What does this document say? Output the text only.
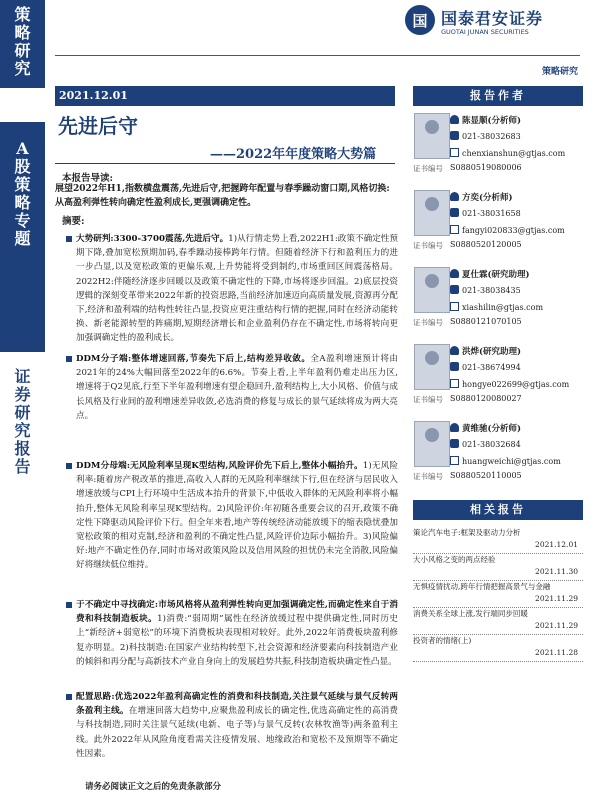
策
略
研
究
A
股
策
略
专
题
证
券
研
究
报
告
国 国泰君安证券
GUOTAI JUNAN SECURITIES
策略研究
2021.12.01
先进后守
——2022年年度策略大势篇
本报告导读:
展望2022年H1,指数横盘震荡,先进后守,把握跨年配置与春季躁动窗口期,风格切换:从高盈利弹性转向确定性盈利成长,更强调确定性。
摘要:
大势研判:3300-3700震荡,先进后守。1)从行情走势上看,2022H1:政策不确定性预期下降,叠加宽松预期加码,春季躁动接棒跨年行情。但随着经济下行和盈利压力的进一步凸显,以及宽松政策的更偏乐观,上升势能将受到制约,市场重回区间震荡格局。2022H2:伴随经济逐步回暖以及政策不确定性的下降,市场将逐步回温。2)底层投资逻辑的深刻变革带来2022年新的投资思路,当前经济加速迈向高质量发展,资源再分配下,经济和盈利端的结构性转往凸显,投资应更注重结构行情的把握,同时在经济动能转换、新老能源转型的阵痛期,短期经济增长和企业盈利仍存在不确定性,市场将转向更加强调确定性的盈利成长。
DDM分子端:整体增速回落,节奏先下后上,结构差异收敛。全A盈利增速预计将由2021年的24%大幅回落至2022年的6.6%。节奏上看,上半年盈利仍难走出压力区,增速将于Q2见底,行至下半年盈利增速有望企稳回升,盈利结构上,大小风格、价值与成长风格及行业间的盈利增速差异收敛,必选消费的修复与成长的景气延续将成为两大亮点。
DDM分母端:无风险利率呈现K型结构,风险评价先下后上,整体小幅抬升。1)无风险利率:随着房产税改革的推进,高收入人群的无风险利率继续下行,但在经济与居民收入增速放缓与CPI上行环境中生活成本抬升的背景下,中低收入群体的无风险利率将小幅抬升,整体无风险利率呈现K型结构。2)风险评价:年初随各重要会议的召开,政策不确定性下降驱动风险评价下行。但全年来看,地产等传统经济动能放缓下的缩表隐忧叠加宽松政策的相对克制,经济和盈利的不确定性凸显,风险评价边际小幅抬升。3)风险偏好:地产不确定性仍存,同时市场对政策风险以及信用风险的担忧仍未完全消散,风险偏好将继续低位维持。
于不确定中寻找确定:市场风格将从盈利弹性转向更加强调确定性,而确定性来自于消费和科技制造板块。1)消费:“弱周期”属性在经济放缓过程中提供确定性,同时历史上“新经济+弱宽松”的环境下消费板块表现相对较好。此外,2022年消费板块盈利修复亦明显。2)科技制造:在国家产业结构转型下,社会资源和经济要素向科技制造产业的倾斜和再分配与高新技术产业自身向上的发展趋势共振,科技制造板块确定性凸显。
配置思路:优选2022年盈利高确定性的消费和科技制造,关注景气延续与景气反转两条盈利主线。在增速回落大趋势中,应聚焦盈利成长的确定性,优选高确定性的高消费与科技制造,同时关注景气延续(电新、电子等)与景气反转(农林牧渔等)两条盈利主线。此外2022年从风险角度看需关注疫情发展、地缘政治和宽松不及预期等不确定性因素。
报告作者
陈显顺(分析师)
021-38032683
chenxianshun@gtjas.com
证书编号 S0880519080006
方奕(分析师)
021-38031658
fangyi020833@gtjas.com
证书编号 S0880520120005
夏仕霖(研究助理)
021-38038435
xiashilin@gtjas.com
证书编号 S0880121070105
洪烨(研究助理)
021-38674994
hongye022699@gtjas.com
证书编号 S0880120080027
黄维驰(分析师)
021-38032684
huangweichi@gtjas.com
证书编号 S0880520110005
相关报告
策论汽车电子:框架及驱动力分析
2021.12.01
大小风格之变的两点经验
2021.11.30
无惧疫情扰动,跨年行情把握高景气与金融
2021.11.29
消费关系全球上涨,发行端同步回暖
2021.11.29
投资者的情绪(上)
2021.11.28
请务必阅读正文之后的免责条款部分
